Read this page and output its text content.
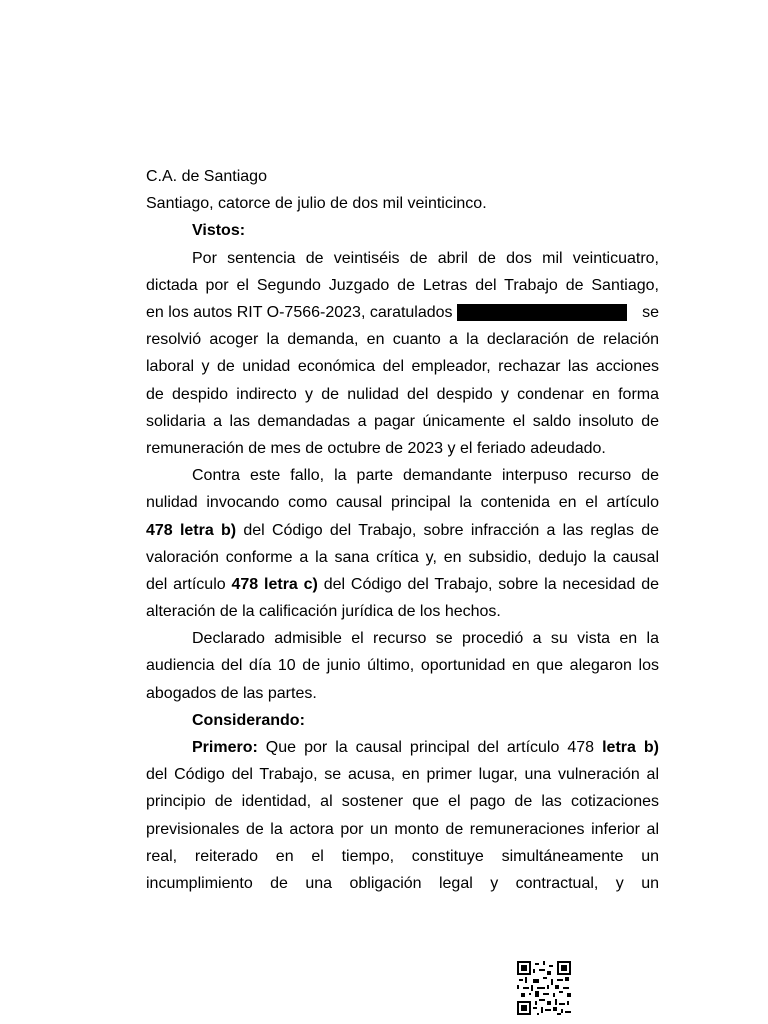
C.A. de Santiago
Santiago, catorce de julio de dos mil veinticinco.
Vistos:
Por sentencia de veintiséis de abril de dos mil veinticuatro,
dictada por el Segundo Juzgado de Letras del Trabajo de Santiago,
en los autos RIT O-7566-2023, caratulados	se
resolvió acoger la demanda, en cuanto a la declaración de relación
laboral y de unidad económica del empleador, rechazar las acciones
de despido indirecto y de nulidad del despido y condenar en forma
solidaria a las demandadas a pagar únicamente el saldo insoluto de
remuneración de mes de octubre de 2023 y el feriado adeudado.
Contra este fallo, la parte demandante interpuso recurso de
nulidad invocando como causal principal la contenida en el artículo
478 letra b) del Código del Trabajo, sobre infracción a las reglas de
valoración conforme a la sana crítica y, en subsidio, dedujo la causal
del artículo 478 letra c) del Código del Trabajo, sobre la necesidad de
alteración de la calificación jurídica de los hechos.
Declarado admisible el recurso se procedió a su vista en la
audiencia del día 10 de junio último, oportunidad en que alegaron los
abogados de las partes.
Considerando:
Primero: Que por la causal principal del artículo 478 letra b)
del Código del Trabajo, se acusa, en primer lugar, una vulneración al
principio de identidad, al sostener que el pago de las cotizaciones
previsionales de la actora por un monto de remuneraciones inferior al
real, reiterado en el tiempo, constituye simultáneamente un
incumplimiento de una obligación legal y contractual, y un
